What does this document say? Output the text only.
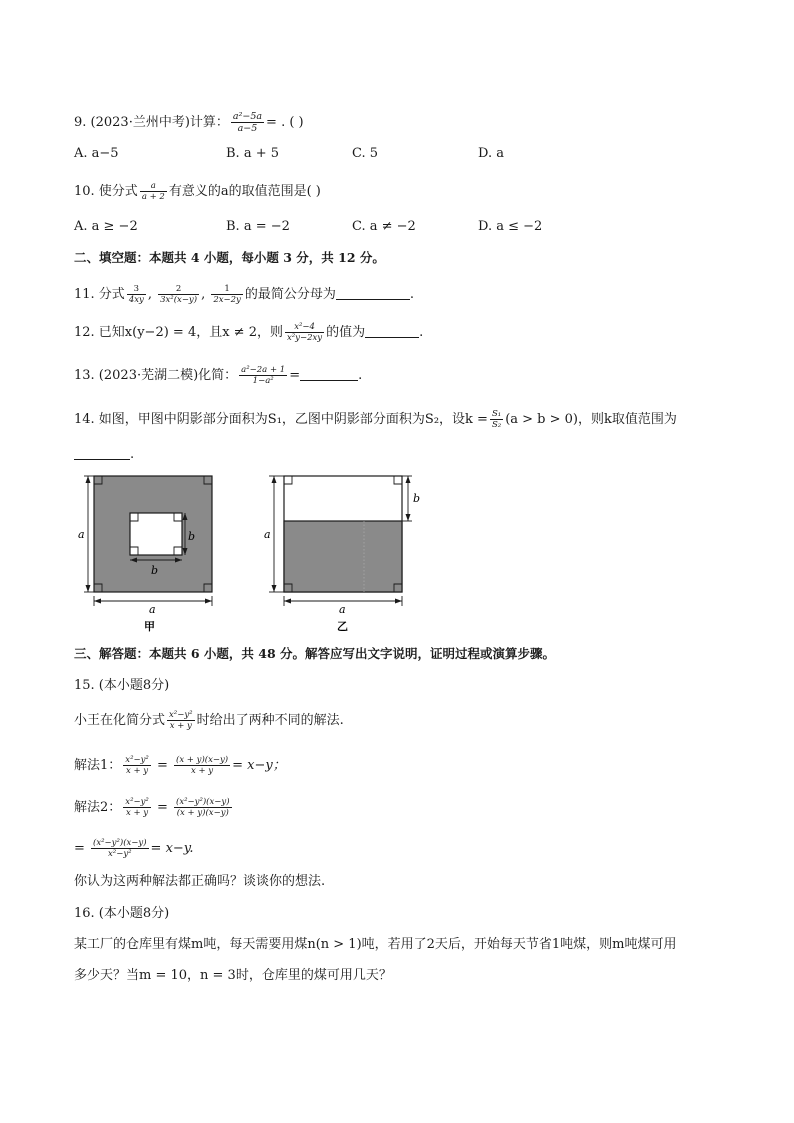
9. (2023·兰州中考)计算： $\frac{\text{a²−5a}}{a-5}$ = . ( )
A. a−5	B. a + 5	C. 5	D. a
10. 使分式 $\frac{a}{a + 2}$ 有意义的a的取值范围是( )
A. a ≥ −2	B. a = −2	C. a ≠ −2	D. a ≤ −2
二、填空题：本题共 4 小题，每小题 3 分，共 12 分。
11. 分式 $\frac{3}{4xy}$ , $\frac{2}{\text{3x²(x−y)}}$ , $\frac{1}{2x-2y}$ 的最简公分母为	.
12. 已知x(y−2) = 4，且x ≠ 2，则 $\frac{\text{x²−4}}{\text{x²y−2xy}}$ 的值为	.
13. (2023·芜湖二模)化简： $\frac{\text{a²−2a + 1}}{\text{1−a²}}$ =	.
14. 如图，甲图中阴影部分面积为S₁，乙图中阴影部分面积为S₂，设$k = \frac{\text{S₁}}{\text{S₂}} (a > b > 0)$，则k取值范围为
.
a
a
b
b
甲
a
b
a
乙
三、解答题：本题共 6 小题，共 48 分。解答应写出文字说明，证明过程或演算步骤。
15. (本小题8分)
小王在化简分式 $\frac{\text{x²−y²}}{x + y}$ 时给出了两种不同的解法.
解法1： $\frac{\text{x²−y²}}{x + y} = \frac{(x + y)(x-y)}{x + y} = x-y$；
解法2： $\frac{\text{x²−y²}}{x + y} = \frac{\text{(x²−y²)(x−y)}}{(x + y)(x-y)}$
= $\frac{\text{(x²−y²)(x−y)}}{\text{x²−y²}} = x-y$.
你认为这两种解法都正确吗？谈谈你的想法.
16. (本小题8分)
某工厂的仓库里有煤m吨，每天需要用煤n(n > 1)吨，若用了2天后，开始每天节省1吨煤，则m吨煤可用
多少天？当m = 10，n = 3时，仓库里的煤可用几天？
